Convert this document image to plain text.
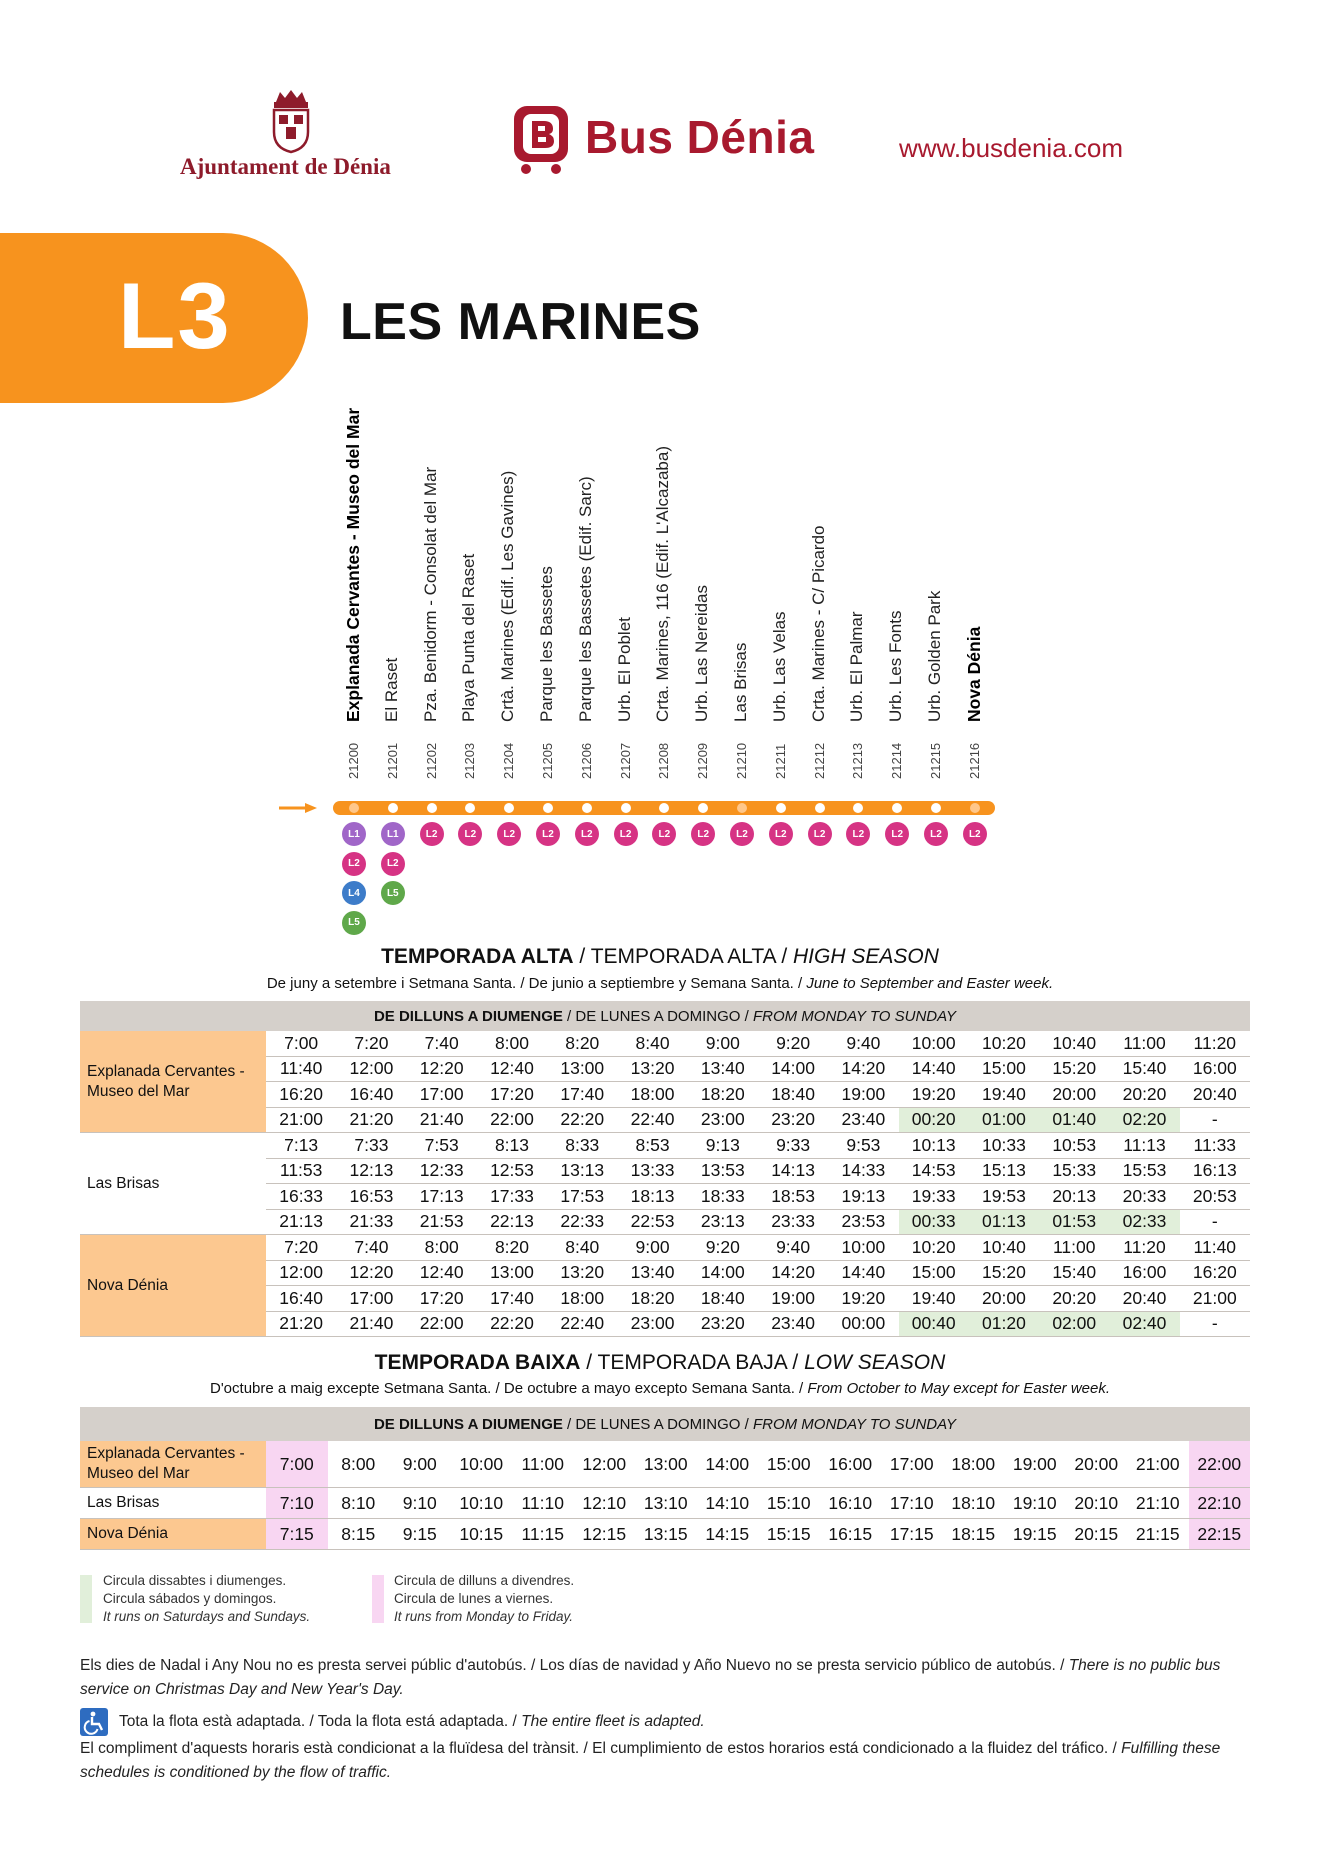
Ajuntament de Dénia
Bus Dénia	www.busdenia.com
L3 LES MARINES
Explanada Cervantes - Museo del Mar
21200
L1
L2
L4
L5
El Raset
21201
L1
L2
L5
Pza. Benidorm - Consolat del Mar
21202
L2
Playa Punta del Raset
21203
L2
Crtà. Marines (Edif. Les Gavines)
21204
L2
Parque les Bassetes
21205
L2
Parque les Bassetes (Edif. Sarc)
21206
L2
Urb. El Poblet
21207
L2
Crta. Marines, 116 (Edif. L'Alcazaba)
21208
L2
Urb. Las Nereidas
21209
L2
Las Brisas
21210
L2
Urb. Las Velas
21211
L2
Crta. Marines - C/ Picardo
21212
L2
Urb. El Palmar
21213
L2
Urb. Les Fonts
21214
L2
Urb. Golden Park
21215
L2
Nova Dénia
21216
L2
TEMPORADA ALTA / TEMPORADA ALTA / HIGH SEASON
De juny a setembre i Setmana Santa. / De junio a septiembre y Semana Santa. / June to September and Easter week.
DE DILLUNS A DIUMENGE / DE LUNES A DOMINGO / FROM MONDAY TO SUNDAY
Explanada Cervantes - Museo del Mar
7:00	7:20	7:40	8:00	8:20	8:40	9:00	9:20	9:40	10:00	10:20	10:40	11:00	11:20
11:40	12:00	12:20	12:40	13:00	13:20	13:40	14:00	14:20	14:40	15:00	15:20	15:40	16:00
16:20	16:40	17:00	17:20	17:40	18:00	18:20	18:40	19:00	19:20	19:40	20:00	20:20	20:40
21:00	21:20	21:40	22:00	22:20	22:40	23:00	23:20	23:40	00:20	01:00	01:40	02:20	-
Las Brisas
7:13	7:33	7:53	8:13	8:33	8:53	9:13	9:33	9:53	10:13	10:33	10:53	11:13	11:33
11:53	12:13	12:33	12:53	13:13	13:33	13:53	14:13	14:33	14:53	15:13	15:33	15:53	16:13
16:33	16:53	17:13	17:33	17:53	18:13	18:33	18:53	19:13	19:33	19:53	20:13	20:33	20:53
21:13	21:33	21:53	22:13	22:33	22:53	23:13	23:33	23:53	00:33	01:13	01:53	02:33	-
Nova Dénia
7:20	7:40	8:00	8:20	8:40	9:00	9:20	9:40	10:00	10:20	10:40	11:00	11:20	11:40
12:00	12:20	12:40	13:00	13:20	13:40	14:00	14:20	14:40	15:00	15:20	15:40	16:00	16:20
16:40	17:00	17:20	17:40	18:00	18:20	18:40	19:00	19:20	19:40	20:00	20:20	20:40	21:00
21:20	21:40	22:00	22:20	22:40	23:00	23:20	23:40	00:00	00:40	01:20	02:00	02:40	-
TEMPORADA BAIXA / TEMPORADA BAJA / LOW SEASON
D'octubre a maig excepte Setmana Santa. / De octubre a mayo excepto Semana Santa. / From October to May except for Easter week.
DE DILLUNS A DIUMENGE / DE LUNES A DOMINGO / FROM MONDAY TO SUNDAY
Explanada Cervantes - Museo del Mar	7:00	8:00	9:00	10:00	11:00	12:00	13:00	14:00	15:00	16:00	17:00	18:00	19:00	20:00	21:00	22:00
Las Brisas	7:10	8:10	9:10	10:10	11:10	12:10	13:10	14:10	15:10	16:10	17:10	18:10	19:10	20:10	21:10	22:10
Nova Dénia	7:15	8:15	9:15	10:15	11:15	12:15	13:15	14:15	15:15	16:15	17:15	18:15	19:15	20:15	21:15	22:15
Circula dissabtes i diumenges.
Circula sábados y domingos.
It runs on Saturdays and Sundays.
Circula de dilluns a divendres.
Circula de lunes a viernes.
It runs from Monday to Friday.
Els dies de Nadal i Any Nou no es presta servei públic d'autobús. / Los días de navidad y Año Nuevo no se presta servicio público de autobús. / There is no public bus service on Christmas Day and New Year's Day.
Tota la flota està adaptada. / Toda la flota está adaptada. / The entire fleet is adapted.
El compliment d'aquests horaris està condicionat a la fluïdesa del trànsit. / El cumplimiento de estos horarios está condicionado a la fluidez del tráfico. / Fulfilling these schedules is conditioned by the flow of traffic.
